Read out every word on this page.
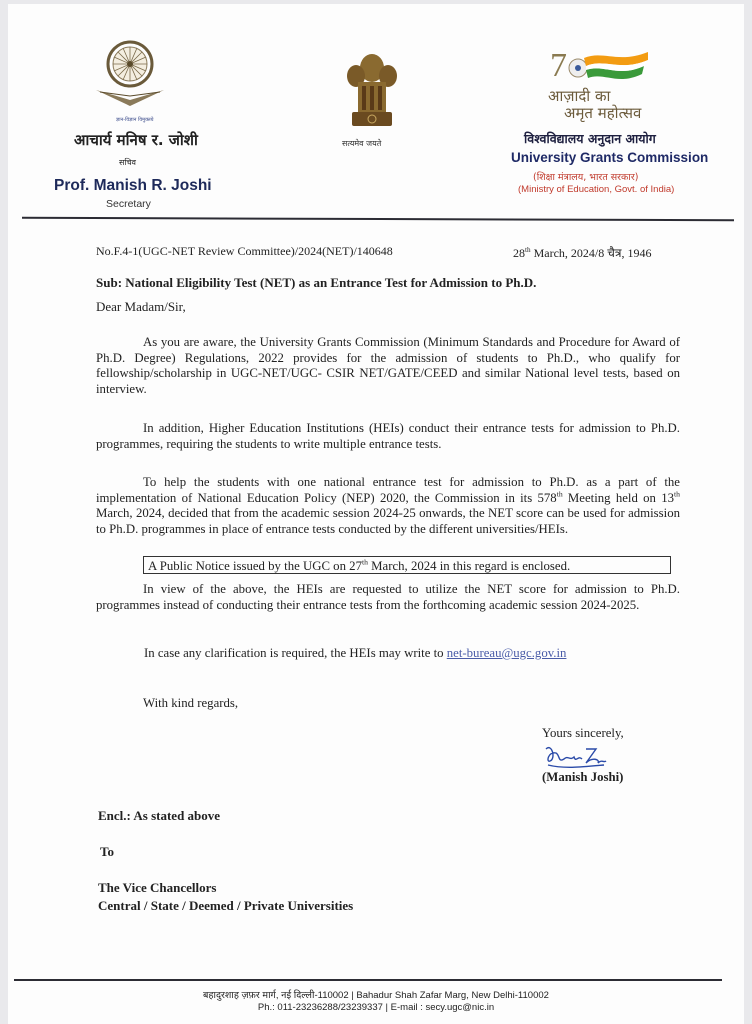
ज्ञान-विज्ञान विमुक्तये
आचार्य मनिष र. जोशी
सचिव
Prof. Manish R. Joshi
Secretary
सत्यमेव जयते
7
आज़ादी का
अमृत महोत्सव
विश्वविद्यालय अनुदान आयोग
University Grants Commission
(शिक्षा मंत्रालय, भारत सरकार)
(Ministry of Education, Govt. of India)
No.F.4-1(UGC-NET Review Committee)/2024(NET)/140648	28th March, 2024/8 चैत्र, 1946
Sub: National Eligibility Test (NET) as an Entrance Test for Admission to Ph.D.
Dear Madam/Sir,
As you are aware, the University Grants Commission (Minimum Standards and Procedure for Award of Ph.D. Degree) Regulations, 2022 provides for the admission of students to Ph.D., who qualify for fellowship/scholarship in UGC-NET/UGC- CSIR NET/GATE/CEED and similar National level tests, based on interview.
In addition, Higher Education Institutions (HEIs) conduct their entrance tests for admission to Ph.D. programmes, requiring the students to write multiple entrance tests.
To help the students with one national entrance test for admission to Ph.D. as a part of the implementation of National Education Policy (NEP) 2020, the Commission in its 578th Meeting held on 13th March, 2024, decided that from the academic session 2024-25 onwards, the NET score can be used for admission to Ph.D. programmes in place of entrance tests conducted by the different universities/HEIs.
A Public Notice issued by the UGC on 27th March, 2024 in this regard is enclosed.
In view of the above, the HEIs are requested to utilize the NET score for admission to Ph.D. programmes instead of conducting their entrance tests from the forthcoming academic session 2024-2025.
In case any clarification is required, the HEIs may write to net-bureau@ugc.gov.in
With kind regards,
Yours sincerely,
(Manish Joshi)
Encl.: As stated above
To
The Vice Chancellors
Central / State / Deemed / Private Universities
बहादुरशाह ज़फ़र मार्ग, नई दिल्ली-110002 | Bahadur Shah Zafar Marg, New Delhi-110002
Ph.: 011-23236288/23239337 | E-mail : secy.ugc@nic.in
